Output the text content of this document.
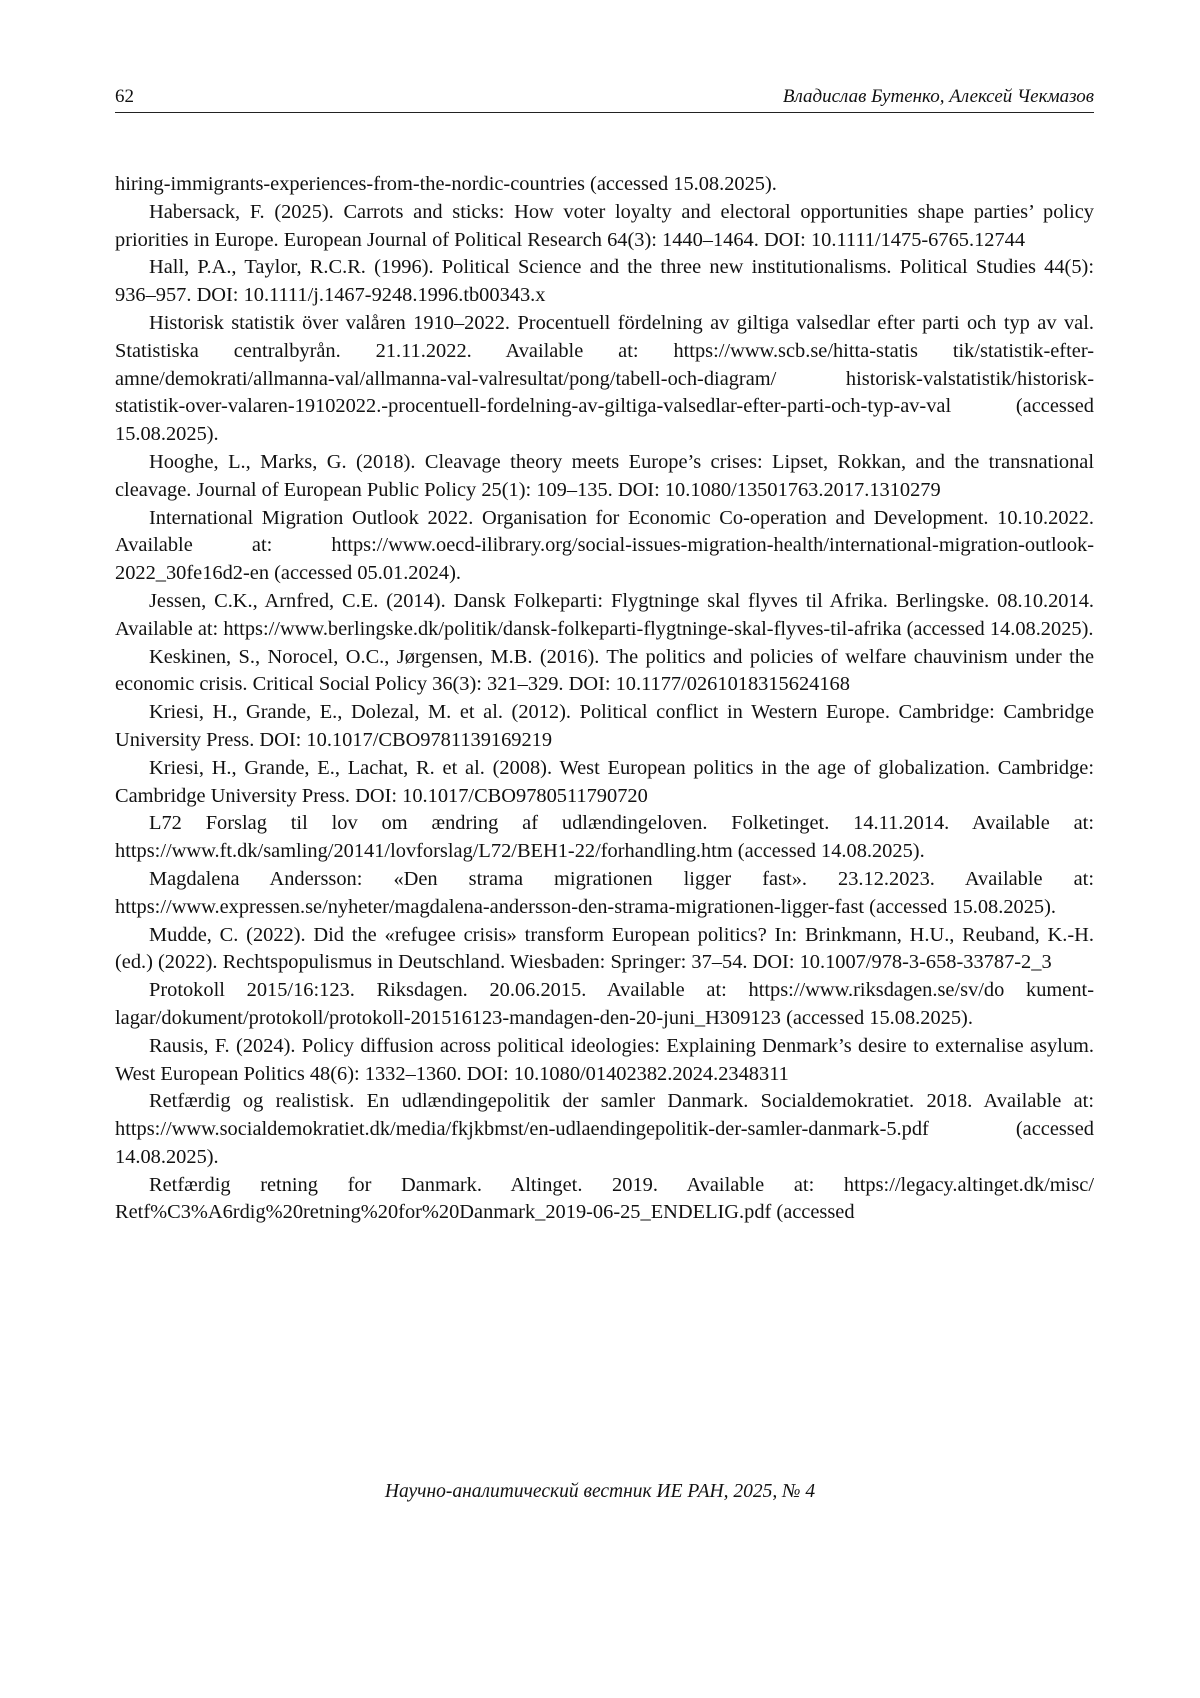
62	Владислав Бутенко, Алексей Чекмазов

hiring-immigrants-experiences-from-the-nordic-countries (accessed 15.08.2025).

Habersack, F. (2025). Carrots and sticks: How voter loyalty and electoral opportunities shape parties’ policy priorities in Europe. European Journal of Political Research 64(3): 1440–1464. DOI: 10.1111/1475-6765.12744

Hall, P.A., Taylor, R.C.R. (1996). Political Science and the three new institutionalisms. Political Studies 44(5): 936–957. DOI: 10.1111/j.1467-9248.1996.tb00343.x

Historisk statistik över valåren 1910–2022. Procentuell fördelning av giltiga valsedlar efter parti och typ av val. Statistiska centralbyrån. 21.11.2022. Available at: https://www.scb.se/hitta-statis tik/statistik-efter-amne/demokrati/allmanna-val/allmanna-val-valresultat/pong/tabell-och-diagram/ historisk-valstatistik/historisk-statistik-over-valaren-19102022.-procentuell-fordelning-av-giltiga-valsedlar-efter-parti-och-typ-av-val (accessed 15.08.2025).

Hooghe, L., Marks, G. (2018). Cleavage theory meets Europe’s crises: Lipset, Rokkan, and the transnational cleavage. Journal of European Public Policy 25(1): 109–135. DOI: 10.1080/13501763.2017.1310279

International Migration Outlook 2022. Organisation for Economic Co-operation and Development. 10.10.2022. Available at: https://www.oecd-ilibrary.org/social-issues-migration-health/international-migration-outlook-2022_30fe16d2-en (accessed 05.01.2024).

Jessen, C.K., Arnfred, C.E. (2014). Dansk Folkeparti: Flygtninge skal flyves til Afrika. Berlingske. 08.10.2014. Available at: https://www.berlingske.dk/politik/dansk-folkeparti-flygtninge-skal-flyves-til-afrika (accessed 14.08.2025).

Keskinen, S., Norocel, O.C., Jørgensen, M.B. (2016). The politics and policies of welfare chauvinism under the economic crisis. Critical Social Policy 36(3): 321–329. DOI: 10.1177/0261018315624168

Kriesi, H., Grande, E., Dolezal, M. et al. (2012). Political conflict in Western Europe. Cambridge: Cambridge University Press. DOI: 10.1017/CBO9781139169219

Kriesi, H., Grande, E., Lachat, R. et al. (2008). West European politics in the age of globalization. Cambridge: Cambridge University Press. DOI: 10.1017/CBO9780511790720

L72 Forslag til lov om ændring af udlændingeloven. Folketinget. 14.11.2014. Available at: https://www.ft.dk/samling/20141/lovforslag/L72/BEH1-22/forhandling.htm (accessed 14.08.2025).

Magdalena Andersson: «Den strama migrationen ligger fast». 23.12.2023. Available at: https://www.expressen.se/nyheter/magdalena-andersson-den-strama-migrationen-ligger-fast (accessed 15.08.2025).

Mudde, C. (2022). Did the «refugee crisis» transform European politics? In: Brinkmann, H.U., Reuband, K.-H. (ed.) (2022). Rechtspopulismus in Deutschland. Wiesbaden: Springer: 37–54. DOI: 10.1007/978-3-658-33787-2_3

Protokoll 2015/16:123. Riksdagen. 20.06.2015. Available at: https://www.riksdagen.se/sv/do kument-lagar/dokument/protokoll/protokoll-201516123-mandagen-den-20-juni_H309123 (accessed 15.08.2025).

Rausis, F. (2024). Policy diffusion across political ideologies: Explaining Denmark’s desire to externalise asylum. West European Politics 48(6): 1332–1360. DOI: 10.1080/01402382.2024.2348311

Retfærdig og realistisk. En udlændingepolitik der samler Danmark. Socialdemokratiet. 2018. Available at: https://www.socialdemokratiet.dk/media/fkjkbmst/en-udlaendingepolitik-der-samler-danmark-5.pdf (accessed 14.08.2025).

Retfærdig retning for Danmark. Altinget. 2019. Available at: https://legacy.altinget.dk/misc/ Retf%C3%A6rdig%20retning%20for%20Danmark_2019-06-25_ENDELIG.pdf (accessed

Научно-аналитический вестник ИЕ РАН, 2025, № 4
